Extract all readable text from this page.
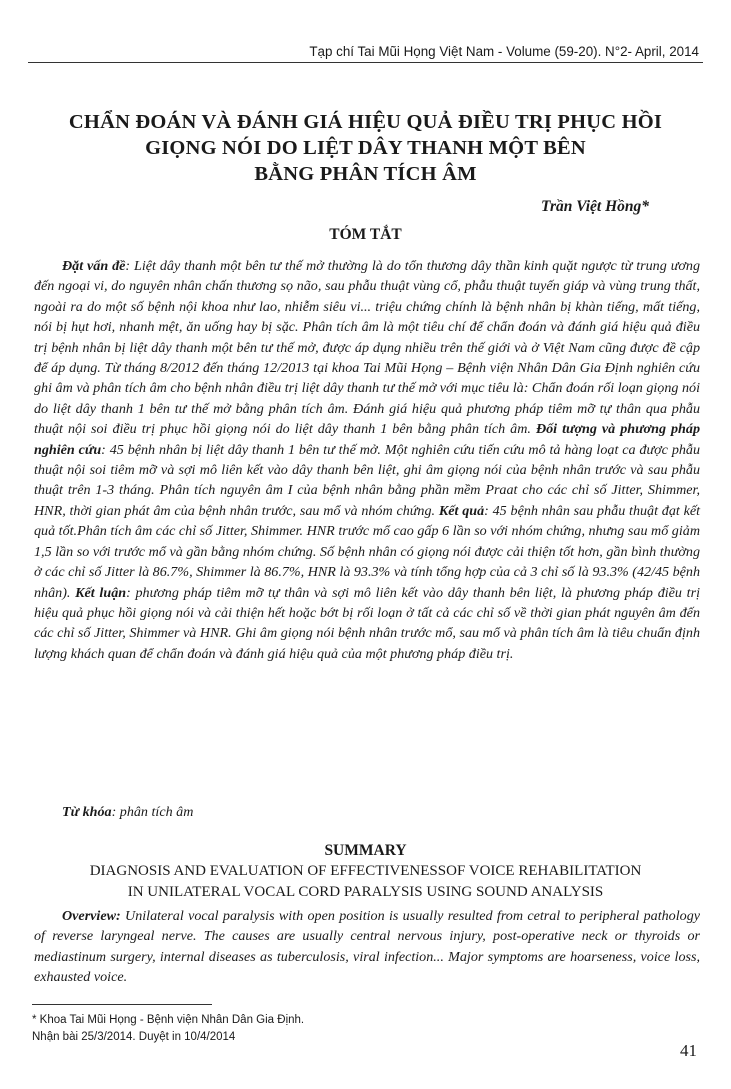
Tạp chí Tai Mũi Họng Việt Nam - Volume (59-20). N°2- April, 2014
CHẨN ĐOÁN VÀ ĐÁNH GIÁ HIỆU QUẢ ĐIỀU TRỊ PHỤC HỒI
GIỌNG NÓI DO LIỆT DÂY THANH MỘT BÊN
BẰNG PHÂN TÍCH ÂM
Trần Việt Hồng*
TÓM TẮT

Đặt vấn đề: Liệt dây thanh một bên tư thế mở thường là do tổn thương dây thần kinh quặt ngược từ trung ương đến ngoại vi, do nguyên nhân chấn thương sọ não, sau phẫu thuật vùng cổ, phẫu thuật tuyến giáp và vùng trung thất, ngoài ra do một số bệnh nội khoa như lao, nhiễm siêu vi... triệu chứng chính là bệnh nhân bị khàn tiếng, mất tiếng, nói bị hụt hơi, nhanh mệt, ăn uống hay bị sặc. Phân tích âm là một tiêu chí để chẩn đoán và đánh giá hiệu quả điều trị bệnh nhân bị liệt dây thanh một bên tư thế mở, được áp dụng nhiều trên thế giới và ở Việt Nam cũng được đề cập để áp dụng. Từ tháng 8/2012 đến tháng 12/2013 tại khoa Tai Mũi Họng – Bệnh viện Nhân Dân Gia Định nghiên cứu ghi âm và phân tích âm cho bệnh nhân điều trị liệt dây thanh tư thế mở với mục tiêu là: Chẩn đoán rối loạn giọng nói do liệt dây thanh 1 bên tư thế mở bằng phân tích âm. Đánh giá hiệu quả phương pháp tiêm mỡ tự thân qua phẫu thuật nội soi điều trị phục hồi giọng nói do liệt dây thanh 1 bên bằng phân tích âm. Đối tượng và phương pháp nghiên cứu: 45 bệnh nhân bị liệt dây thanh 1 bên tư thế mở. Một nghiên cứu tiến cứu mô tả hàng loạt ca được phẫu thuật nội soi tiêm mỡ và sợi mô liên kết vào dây thanh bên liệt, ghi âm giọng nói của bệnh nhân trước và sau phẫu thuật trên 1-3 tháng. Phân tích nguyên âm I của bệnh nhân bằng phần mềm Praat cho các chỉ số Jitter, Shimmer, HNR, thời gian phát âm của bệnh nhân trước, sau mổ và nhóm chứng. Kết quả: 45 bệnh nhân sau phẫu thuật đạt kết quả tốt.Phân tích âm các chỉ số Jitter, Shimmer. HNR trước mổ cao gấp 6 lần so với nhóm chứng, nhưng sau mổ giảm 1,5 lần so với trước mổ và gần bằng nhóm chứng. Số bệnh nhân có giọng nói được cải thiện tốt hơn, gần bình thường ở các chỉ số Jitter là 86.7%, Shimmer là 86.7%, HNR là 93.3% và tính tổng hợp của cả 3 chỉ số là 93.3% (42/45 bệnh nhân). Kết luận: phương pháp tiêm mỡ tự thân và sợi mô liên kết vào dây thanh bên liệt, là phương pháp điều trị hiệu quả phục hồi giọng nói và cải thiện hết hoặc bớt bị rối loạn ở tất cả các chỉ số về thời gian phát nguyên âm đến các chỉ số Jitter, Shimmer và HNR. Ghi âm giọng nói bệnh nhân trước mổ, sau mổ và phân tích âm là tiêu chuẩn định lượng khách quan để chẩn đoán và đánh giá hiệu quả của một phương pháp điều trị.

Từ khóa: phân tích âm
SUMMARY
DIAGNOSIS AND EVALUATION OF EFFECTIVENESSOF VOICE REHABILITATION
IN UNILATERAL VOCAL CORD PARALYSIS USING SOUND ANALYSIS

Overview: Unilateral vocal paralysis with open position is usually resulted from cetral to peripheral pathology of reverse laryngeal nerve. The causes are usually central nervous injury, post-operative neck or thyroids or mediastinum surgery, internal diseases as tuberculosis, viral infection... Major symptoms are hoarseness, voice loss, exhausted voice.

* Khoa Tai Mũi Họng - Bệnh viện Nhân Dân Gia Định.
Nhận bài 25/3/2014. Duyệt in 10/4/2014
41
